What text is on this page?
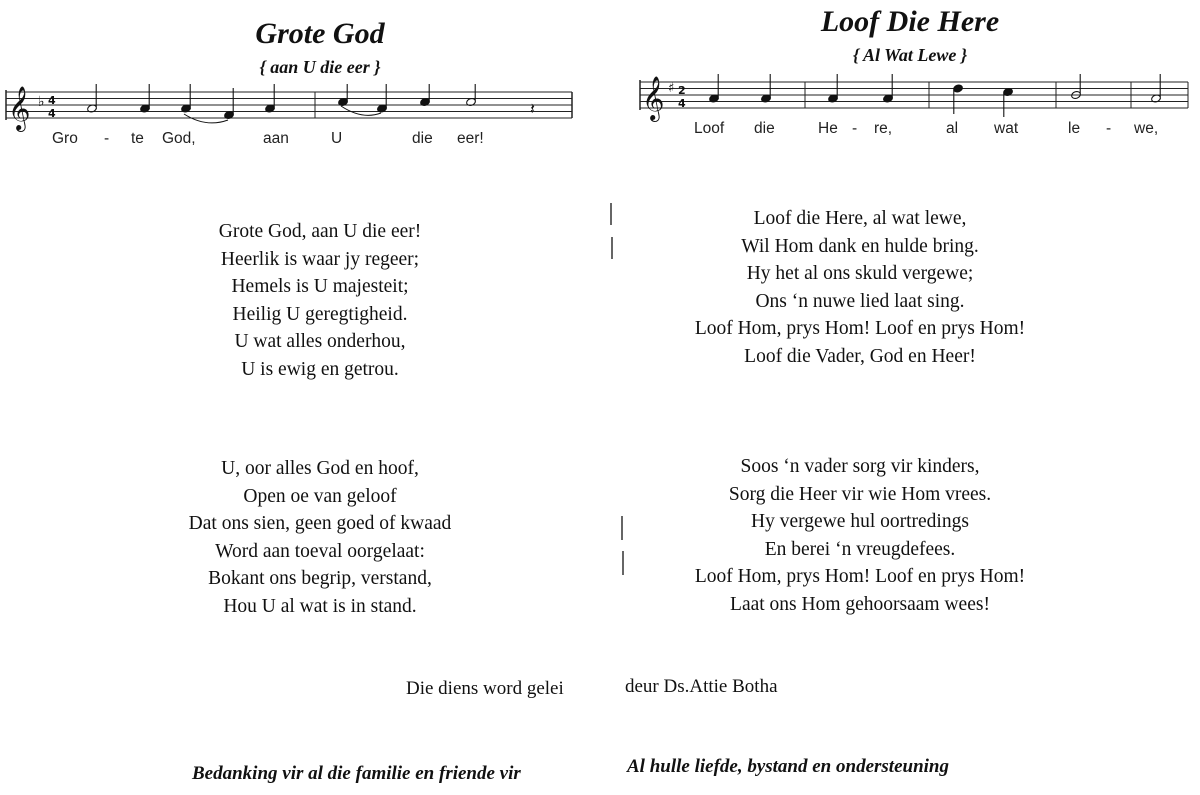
Grote God
{ aan U die eer }
𝄞 ♭ 4
4	𝄽
Gro - te God,	aan	U	die eer!
Grote God, aan U die eer!
Heerlik is waar jy regeer;
Hemels is U majesteit;
Heilig U geregtigheid.
U wat alles onderhou,
U is ewig en getrou.
U, oor alles God en hoof,
Open oe van geloof
Dat ons sien, geen goed of kwaad
Word aan toeval oorgelaat:
Bokant ons begrip, verstand,
Hou U al wat is in stand.
Loof Die Here
{ Al Wat Lewe }
𝄞 ♯ 2
4
Loof die	He - re,	al wat	le - we,
Loof die Here, al wat lewe,
Wil Hom dank en hulde bring.
Hy het al ons skuld vergewe;
Ons ‘n nuwe lied laat sing.
Loof Hom, prys Hom! Loof en prys Hom!
Loof die Vader, God en Heer!
Soos ‘n vader sorg vir kinders,
Sorg die Heer vir wie Hom vrees.
Hy vergewe hul oortredings
En berei ‘n vreugdefees.
Loof Hom, prys Hom! Loof en prys Hom!
Laat ons Hom gehoorsaam wees!
Die diens word gelei	deur Ds.Attie Botha
Bedanking vir al die familie en friende vir	Al hulle liefde, bystand en ondersteuning
